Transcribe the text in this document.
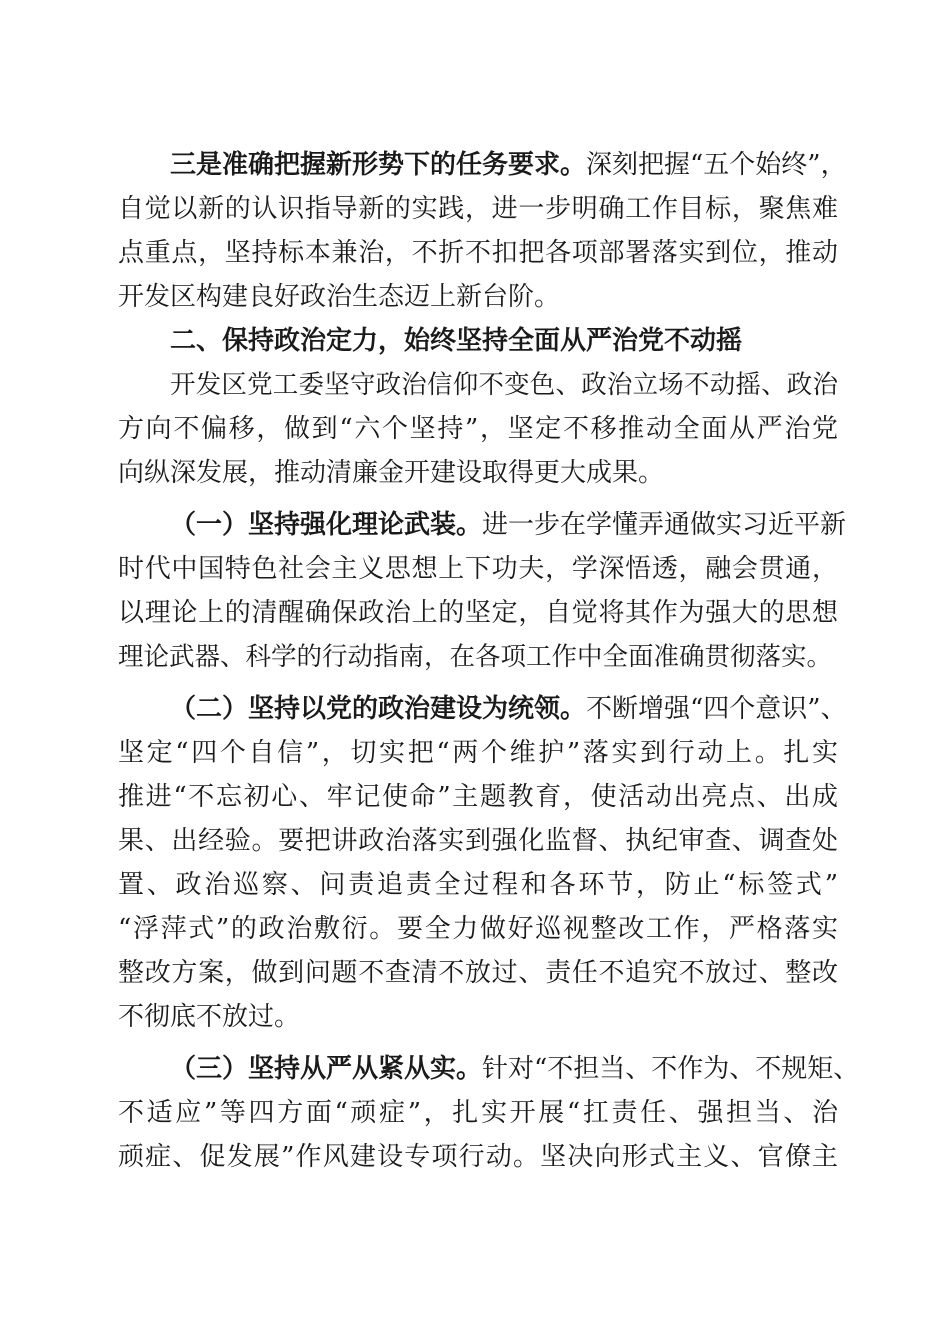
三是准确把握新形势下的任务要求。深刻把握“五个始终”，
自觉以新的认识指导新的实践，进一步明确工作目标，聚焦难
点重点，坚持标本兼治，不折不扣把各项部署落实到位，推动
开发区构建良好政治生态迈上新台阶。
二、保持政治定力，始终坚持全面从严治党不动摇
开发区党工委坚守政治信仰不变色、政治立场不动摇、政治
方向不偏移，做到“六个坚持”，坚定不移推动全面从严治党
向纵深发展，推动清廉金开建设取得更大成果。
（一）坚持强化理论武装。进一步在学懂弄通做实习近平新
时代中国特色社会主义思想上下功夫，学深悟透，融会贯通，
以理论上的清醒确保政治上的坚定，自觉将其作为强大的思想
理论武器、科学的行动指南，在各项工作中全面准确贯彻落实。
（二）坚持以党的政治建设为统领。不断增强“四个意识”、
坚定“四个自信”，切实把“两个维护”落实到行动上。扎实
推进“不忘初心、牢记使命”主题教育，使活动出亮点、出成
果、出经验。要把讲政治落实到强化监督、执纪审查、调查处
置、政治巡察、问责追责全过程和各环节，防止“标签式”
“浮萍式”的政治敷衍。要全力做好巡视整改工作，严格落实
整改方案，做到问题不查清不放过、责任不追究不放过、整改
不彻底不放过。
（三）坚持从严从紧从实。针对“不担当、不作为、不规矩、
不适应”等四方面“顽症”，扎实开展“扛责任、强担当、治
顽症、促发展”作风建设专项行动。坚决向形式主义、官僚主
